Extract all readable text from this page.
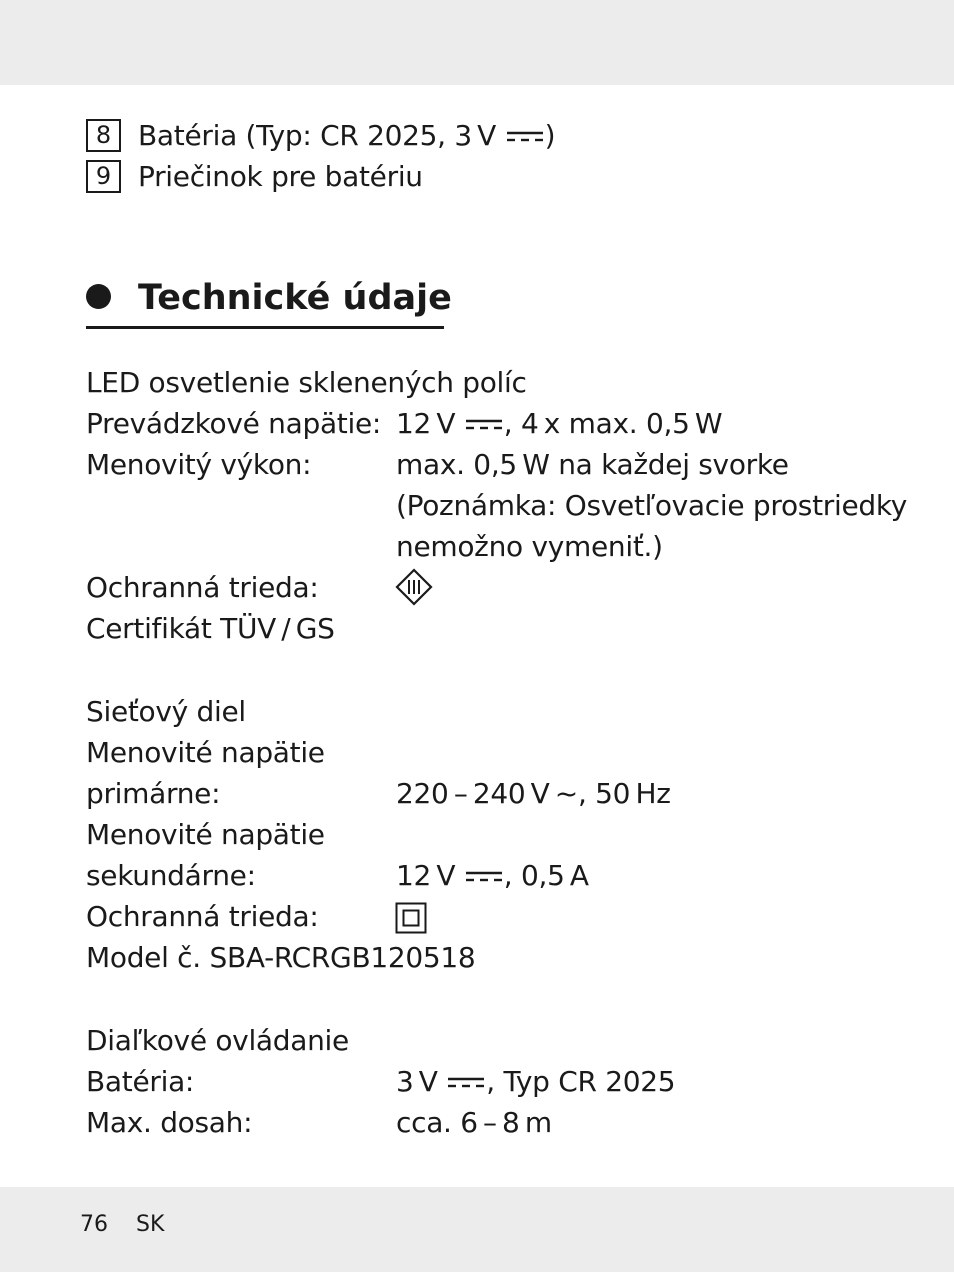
8 Batéria (Typ: CR 2025, 3 V )
9 Priečinok pre batériu
Technické údaje
LED osvetlenie sklenených políc
Prevádzkové napätie: 12 V , 4 x max. 0,5 W
Menovitý výkon:	max. 0,5 W na každej svorke
(Poznámka: Osvetľovacie prostriedky
nemožno vymeniť.)
Ochranná trieda:
Certifikát TÜV / GS
Sieťový diel
Menovité napätie
primárne:	220 – 240 V ~, 50 Hz
Menovité napätie
sekundárne:	12 V , 0,5 A
Ochranná trieda:
Model č. SBA-RCRGB120518
Diaľkové ovládanie
Batéria:	3 V , Typ CR 2025
Max. dosah:	cca. 6 – 8 m
76 SK
